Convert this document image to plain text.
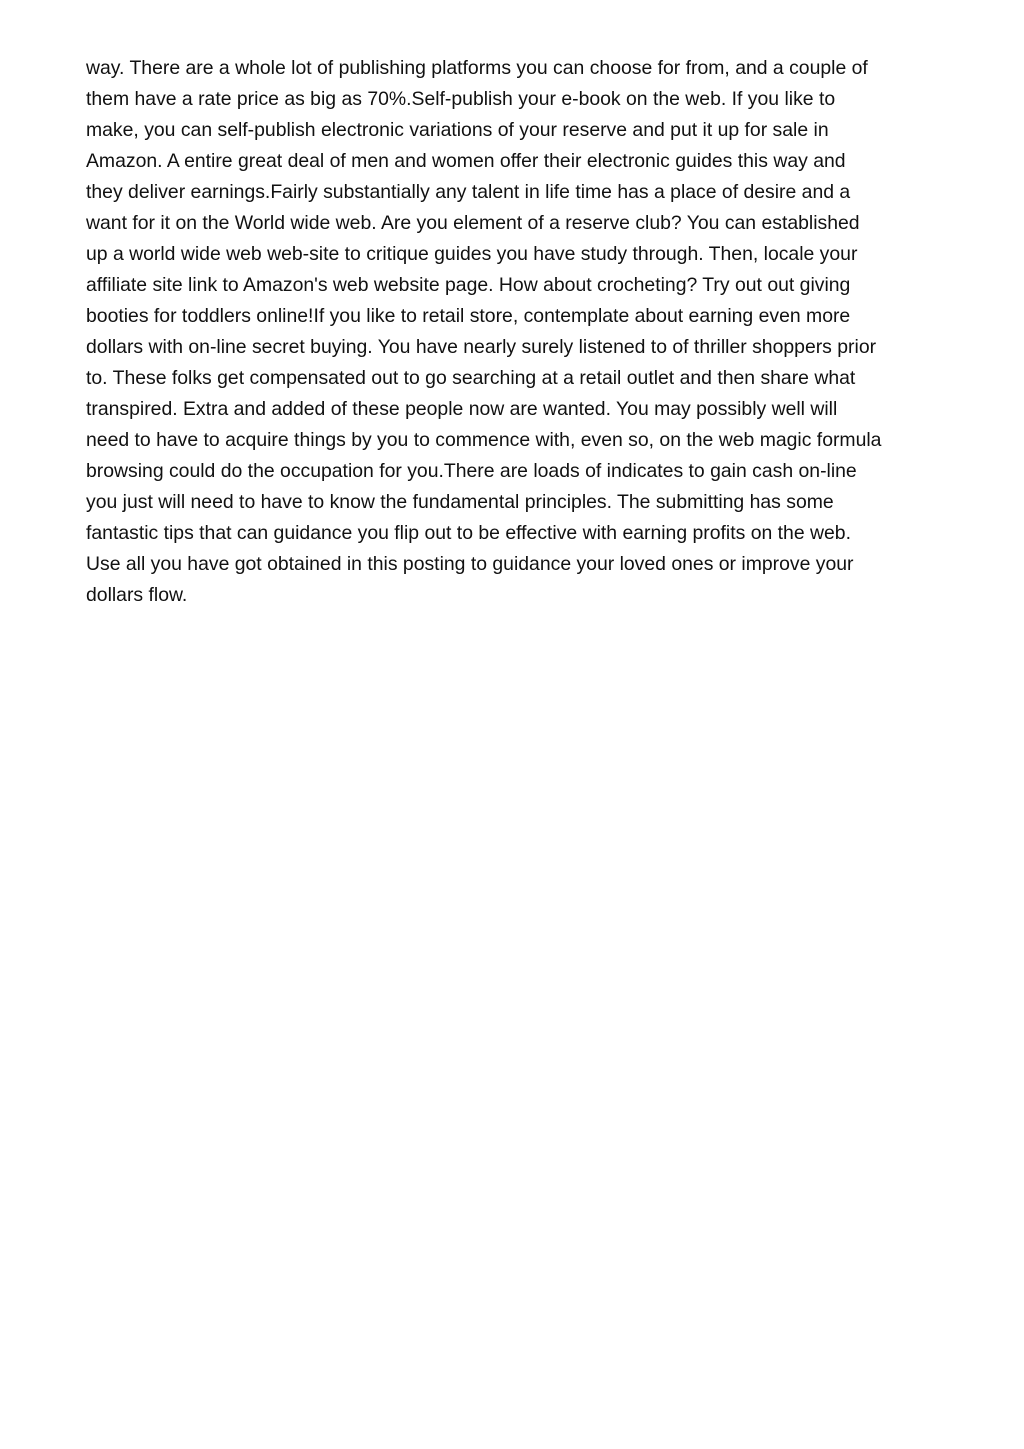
way. There are a whole lot of publishing platforms you can choose for from, and a couple of
them have a rate price as big as 70%.Self-publish your e-book on the web. If you like to
make, you can self-publish electronic variations of your reserve and put it up for sale in
Amazon. A entire great deal of men and women offer their electronic guides this way and
they deliver earnings.Fairly substantially any talent in life time has a place of desire and a
want for it on the World wide web. Are you element of a reserve club? You can established
up a world wide web web-site to critique guides you have study through. Then, locale your
affiliate site link to Amazon's web website page. How about crocheting? Try out out giving
booties for toddlers online!If you like to retail store, contemplate about earning even more
dollars with on-line secret buying. You have nearly surely listened to of thriller shoppers prior
to. These folks get compensated out to go searching at a retail outlet and then share what
transpired. Extra and added of these people now are wanted. You may possibly well will
need to have to acquire things by you to commence with, even so, on the web magic formula
browsing could do the occupation for you.There are loads of indicates to gain cash on-line
you just will need to have to know the fundamental principles. The submitting has some
fantastic tips that can guidance you flip out to be effective with earning profits on the web.
Use all you have got obtained in this posting to guidance your loved ones or improve your
dollars flow.
